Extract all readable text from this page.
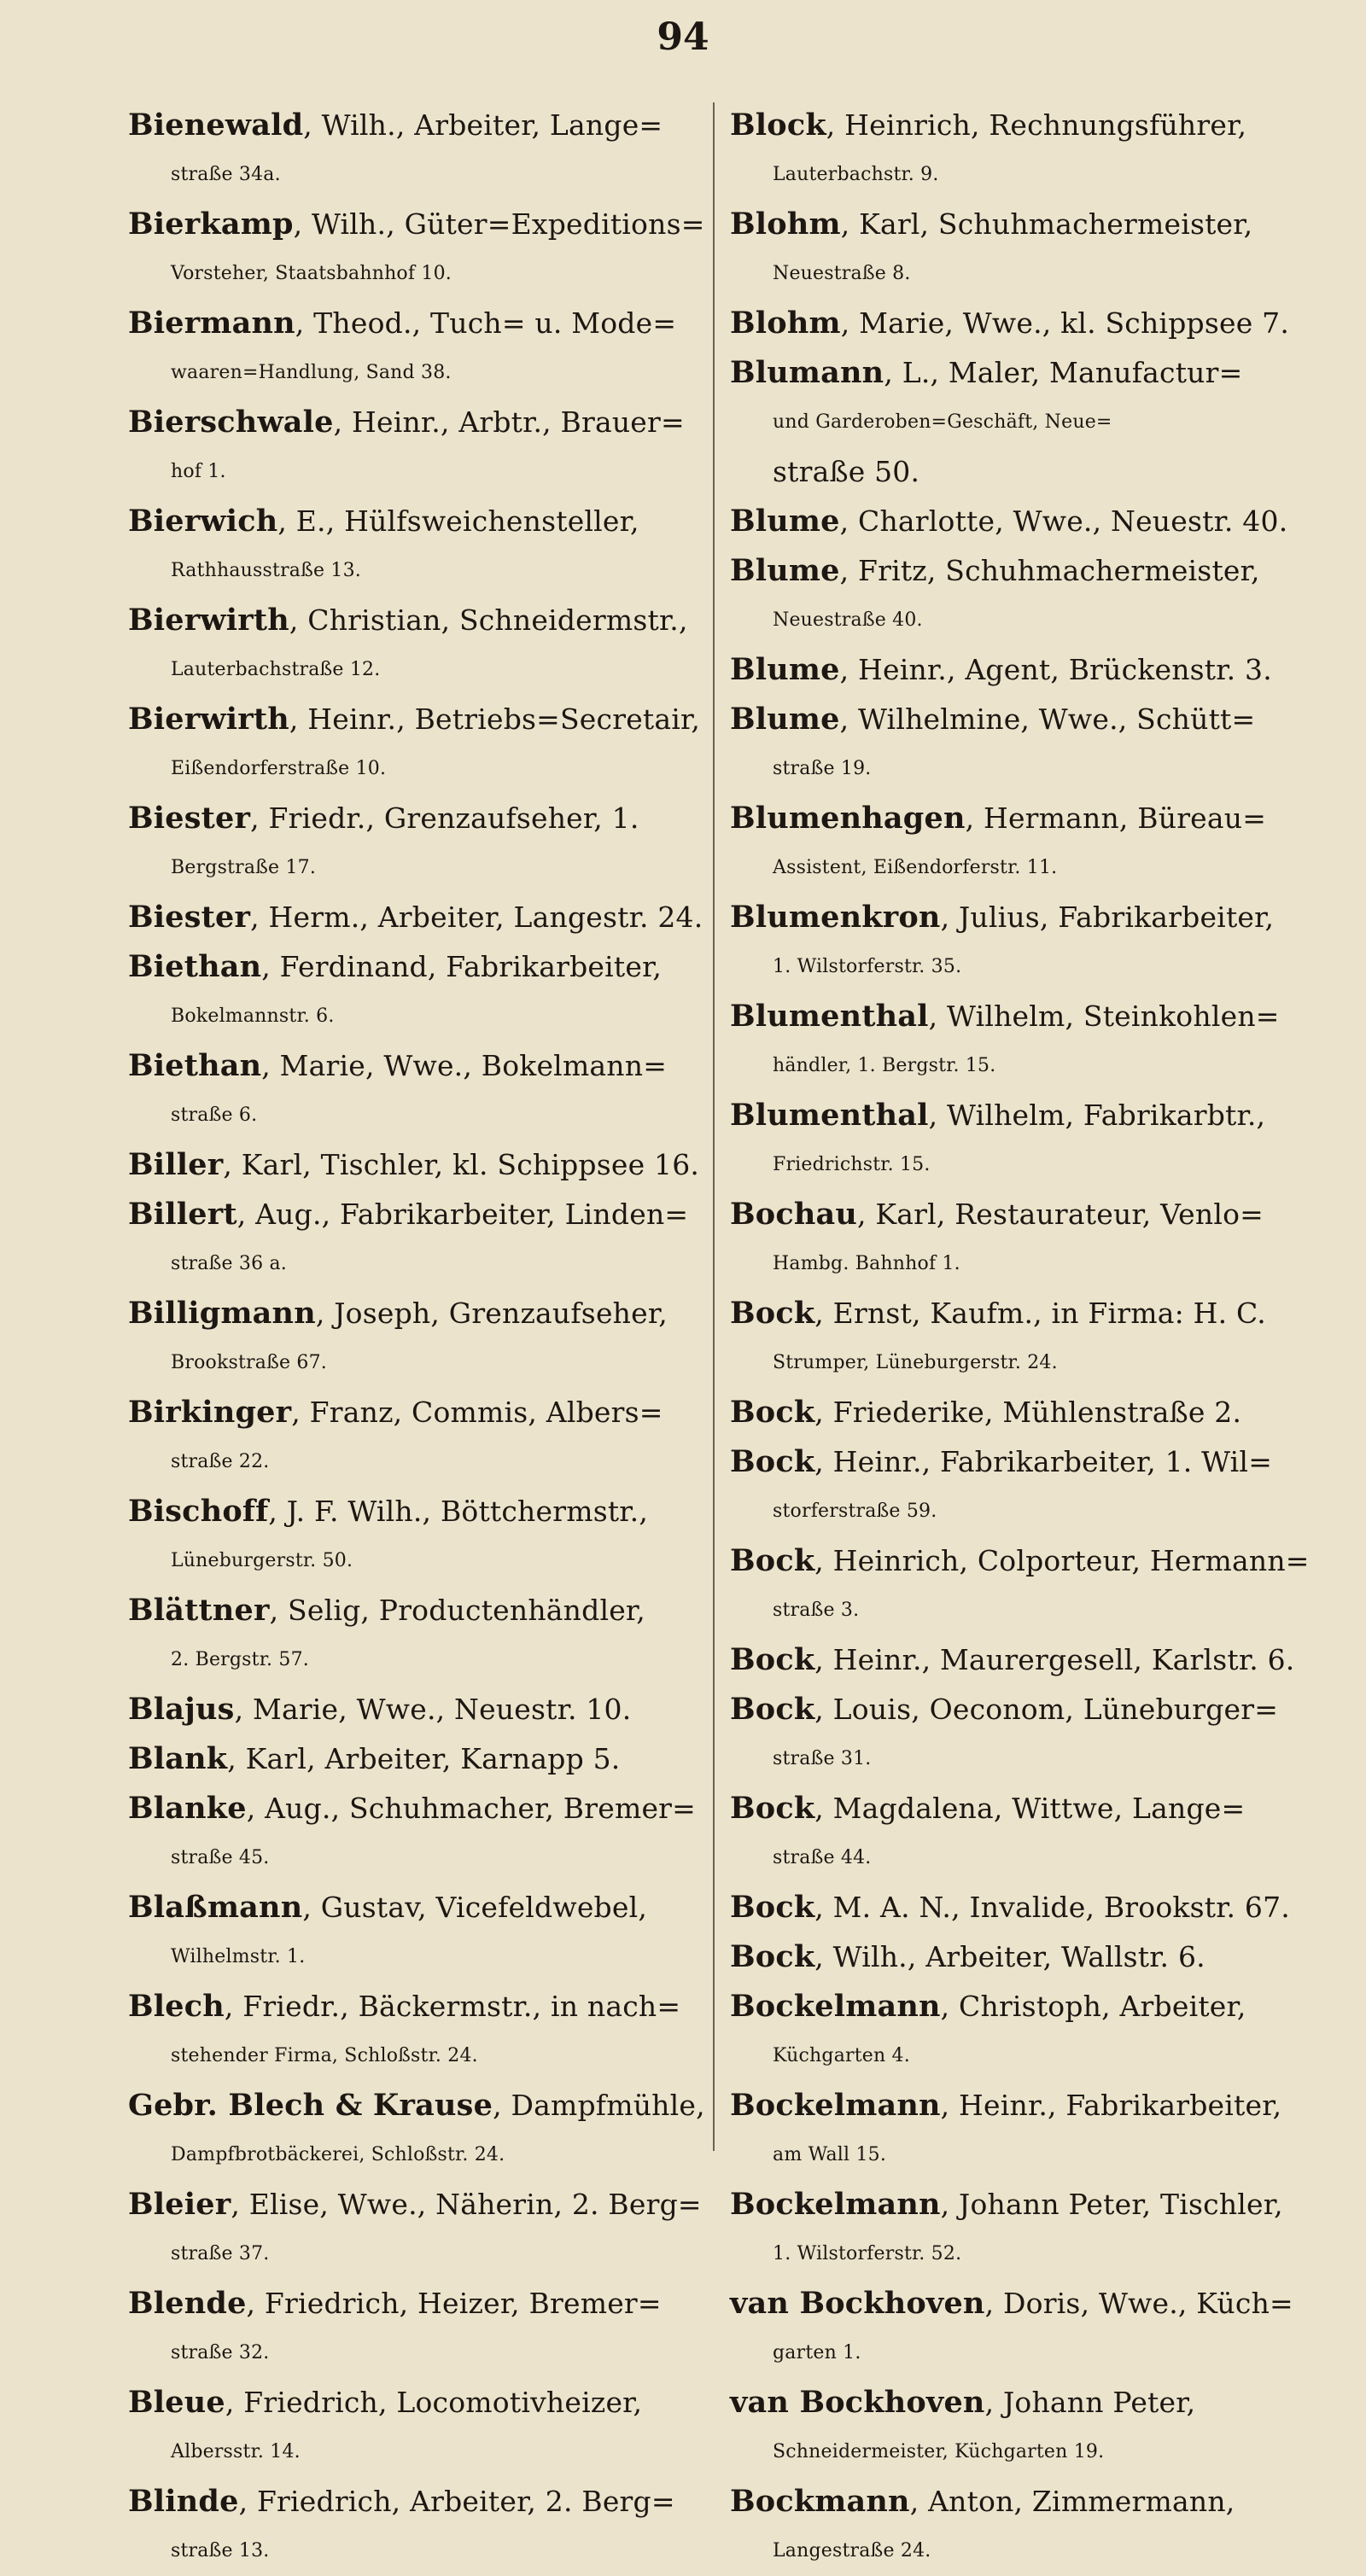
94
Bienewald, Wilh., Arbeiter, Lange=
straße 34a.
Bierkamp, Wilh., Güter=Expeditions=
Vorsteher, Staatsbahnhof 10.
Biermann, Theod., Tuch= u. Mode=
waaren=Handlung, Sand 38.
Bierschwale, Heinr., Arbtr., Brauer=
hof 1.
Bierwich, E., Hülfsweichensteller,
Rathhausstraße 13.
Bierwirth, Christian, Schneidermstr.,
Lauterbachstraße 12.
Bierwirth, Heinr., Betriebs=Secretair,
Eißendorferstraße 10.
Biester, Friedr., Grenzaufseher, 1.
Bergstraße 17.
Biester, Herm., Arbeiter, Langestr. 24.
Biethan, Ferdinand, Fabrikarbeiter,
Bokelmannstr. 6.
Biethan, Marie, Wwe., Bokelmann=
straße 6.
Biller, Karl, Tischler, kl. Schippsee 16.
Billert, Aug., Fabrikarbeiter, Linden=
straße 36 a.
Billigmann, Joseph, Grenzaufseher,
Brookstraße 67.
Birkinger, Franz, Commis, Albers=
straße 22.
Bischoff, J. F. Wilh., Böttchermstr.,
Lüneburgerstr. 50.
Blättner, Selig, Productenhändler,
2. Bergstr. 57.
Blajus, Marie, Wwe., Neuestr. 10.
Blank, Karl, Arbeiter, Karnapp 5.
Blanke, Aug., Schuhmacher, Bremer=
straße 45.
Blaßmann, Gustav, Vicefeldwebel,
Wilhelmstr. 1.
Blech, Friedr., Bäckermstr., in nach=
stehender Firma, Schloßstr. 24.
Gebr. Blech & Krause, Dampfmühle,
Dampfbrotbäckerei, Schloßstr. 24.
Bleier, Elise, Wwe., Näherin, 2. Berg=
straße 37.
Blende, Friedrich, Heizer, Bremer=
straße 32.
Bleue, Friedrich, Locomotivheizer,
Albersstr. 14.
Blinde, Friedrich, Arbeiter, 2. Berg=
straße 13.
Block, Heinrich, Rechnungsführer,
Lauterbachstr. 9.
Blohm, Karl, Schuhmachermeister,
Neuestraße 8.
Blohm, Marie, Wwe., kl. Schippsee 7.
Blumann, L., Maler, Manufactur=
und Garderoben=Geschäft, Neue=
straße 50.
Blume, Charlotte, Wwe., Neuestr. 40.
Blume, Fritz, Schuhmachermeister,
Neuestraße 40.
Blume, Heinr., Agent, Brückenstr. 3.
Blume, Wilhelmine, Wwe., Schütt=
straße 19.
Blumenhagen, Hermann, Büreau=
Assistent, Eißendorferstr. 11.
Blumenkron, Julius, Fabrikarbeiter,
1. Wilstorferstr. 35.
Blumenthal, Wilhelm, Steinkohlen=
händler, 1. Bergstr. 15.
Blumenthal, Wilhelm, Fabrikarbtr.,
Friedrichstr. 15.
Bochau, Karl, Restaurateur, Venlo=
Hambg. Bahnhof 1.
Bock, Ernst, Kaufm., in Firma: H. C.
Strumper, Lüneburgerstr. 24.
Bock, Friederike, Mühlenstraße 2.
Bock, Heinr., Fabrikarbeiter, 1. Wil=
storferstraße 59.
Bock, Heinrich, Colporteur, Hermann=
straße 3.
Bock, Heinr., Maurergesell, Karlstr. 6.
Bock, Louis, Oeconom, Lüneburger=
straße 31.
Bock, Magdalena, Wittwe, Lange=
straße 44.
Bock, M. A. N., Invalide, Brookstr. 67.
Bock, Wilh., Arbeiter, Wallstr. 6.
Bockelmann, Christoph, Arbeiter,
Küchgarten 4.
Bockelmann, Heinr., Fabrikarbeiter,
am Wall 15.
Bockelmann, Johann Peter, Tischler,
1. Wilstorferstr. 52.
van Bockhoven, Doris, Wwe., Küch=
garten 1.
van Bockhoven, Johann Peter,
Schneidermeister, Küchgarten 19.
Bockmann, Anton, Zimmermann,
Langestraße 24.
